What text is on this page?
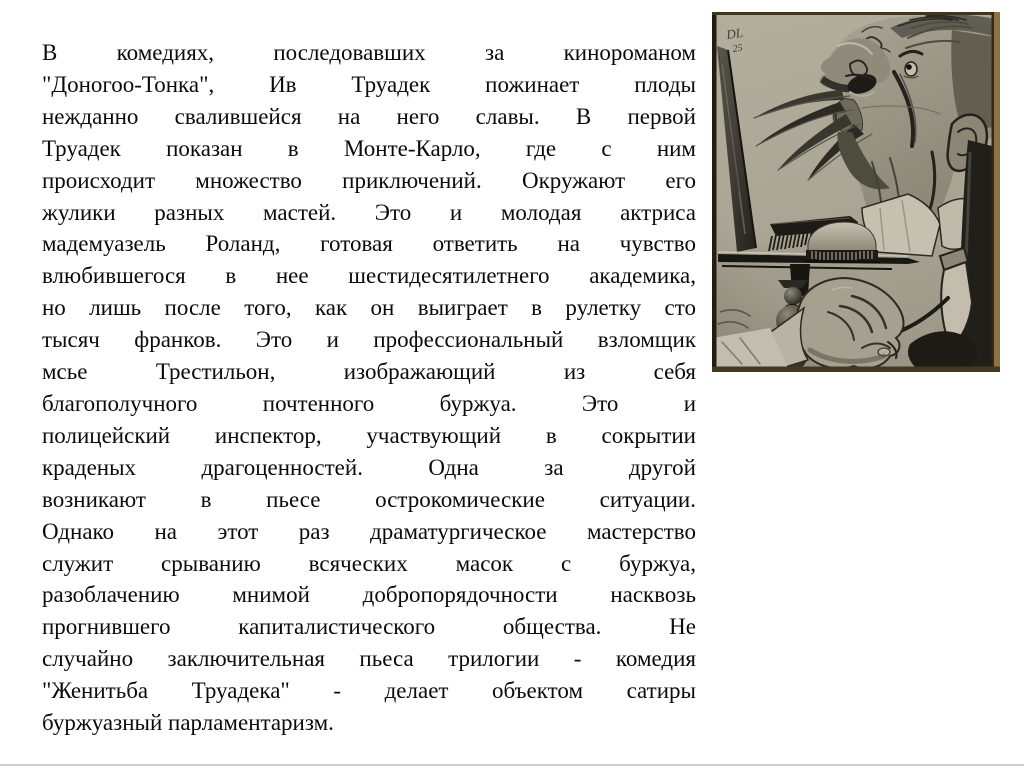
В комедиях, последовавших за кинороманом
"Доногоо-Тонка", Ив Труадек пожинает плоды
нежданно свалившейся на него славы. В первой
Труадек показан в Монте-Карло, где с ним
происходит множество приключений. Окружают его
жулики разных мастей. Это и молодая актриса
мадемуазель Роланд, готовая ответить на чувство
влюбившегося в нее шестидесятилетнего академика,
но лишь после того, как он выиграет в рулетку сто
тысяч франков. Это и профессиональный взломщик
мсье Трестильон, изображающий из себя
благополучного почтенного буржуа. Это и
полицейский инспектор, участвующий в сокрытии
краденых драгоценностей. Одна за другой
возникают в пьесе острокомические ситуации.
Однако на этот раз драматургическое мастерство
служит срыванию всяческих масок с буржуа,
разоблачению мнимой добропорядочности насквозь
прогнившего капиталистического общества. Не
случайно заключительная пьеса трилогии - комедия
"Женитьба Труадека" - делает объектом сатиры
буржуазный парламентаризм.
DL
25
